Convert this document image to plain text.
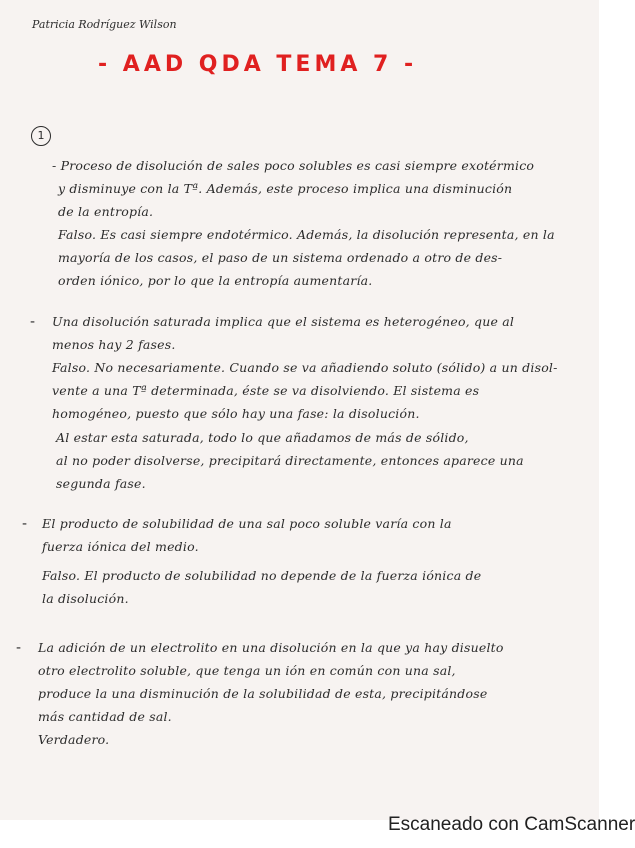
Patricia Rodríguez Wilson
- AAD QDA TEMA 7 -
1
- Proceso de disolución de sales poco solubles es casi siempre exotérmico
y disminuye con la Tª. Además, este proceso implica una disminución
de la entropía.
Falso. Es casi siempre endotérmico. Además, la disolución representa, en la
mayoría de los casos, el paso de un sistema ordenado a otro de des-
orden iónico, por lo que la entropía aumentaría.
- Una disolución saturada implica que el sistema es heterogéneo, que al
menos hay 2 fases.
Falso. No necesariamente. Cuando se va añadiendo soluto (sólido) a un disol-
vente a una Tª determinada, éste se va disolviendo. El sistema es
homogéneo, puesto que sólo hay una fase: la disolución.
Al estar esta saturada, todo lo que añadamos de más de sólido,
al no poder disolverse, precipitará directamente, entonces aparece una
segunda fase.
- El producto de solubilidad de una sal poco soluble varía con la
fuerza iónica del medio.
Falso. El producto de solubilidad no depende de la fuerza iónica de
la disolución.
- La adición de un electrolito en una disolución en la que ya hay disuelto
otro electrolito soluble, que tenga un ión en común con una sal,
produce la una disminución de la solubilidad de esta, precipitándose
más cantidad de sal.
Verdadero.
Escaneado con CamScanner
